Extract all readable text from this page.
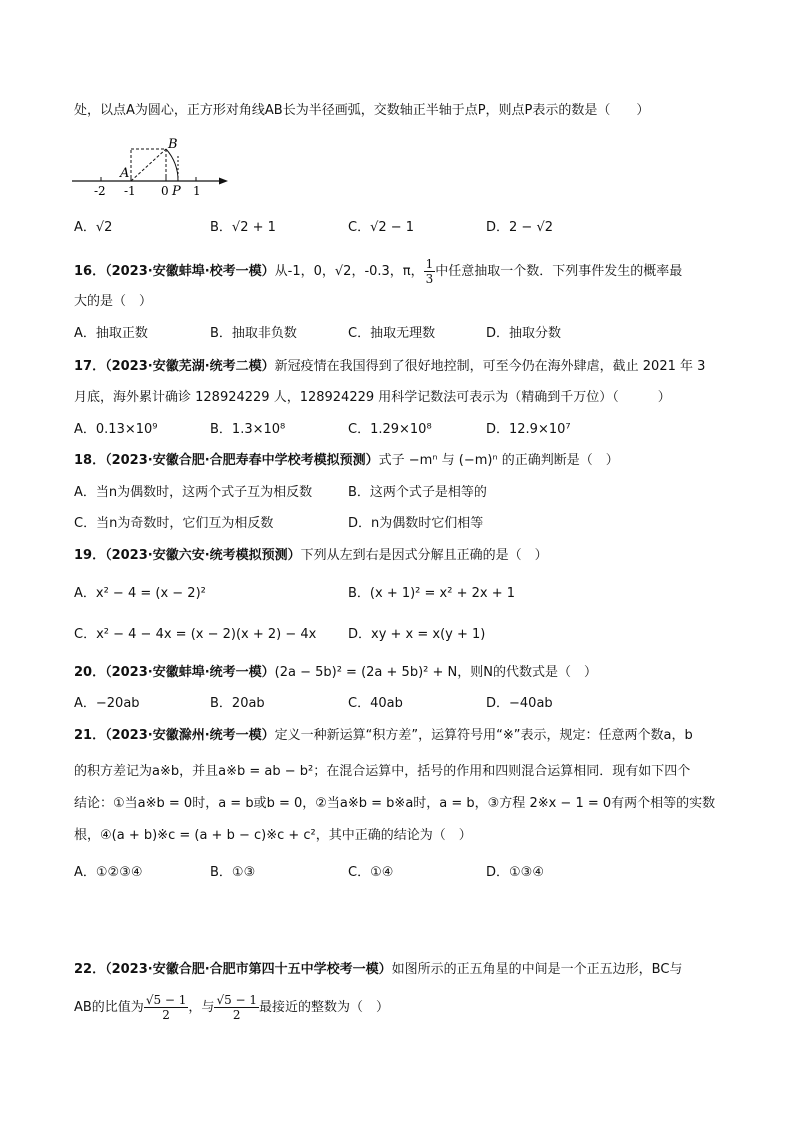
处，以点A为圆心，正方形对角线AB长为半径画弧，交数轴正半轴于点P，则点P表示的数是（　　）
B
A
-2 -1 0 P 1
A．√2	B．√2 + 1	C．√2 − 1	D．2 − √2
16．（2023·安徽蚌埠·校考一模）从-1，0，√2，-0.3，π， $\frac{1}{3}$ 中任意抽取一个数．下列事件发生的概率最
大的是（　）
A．抽取正数	B．抽取非负数	C．抽取无理数	D．抽取分数
17．（2023·安徽芜湖·统考二模）新冠疫情在我国得到了很好地控制，可至今仍在海外肆虐，截止 2021 年 3
月底，海外累计确诊 128924229 人，128924229 用科学记数法可表示为（精确到千万位）（　　　）
A．0.13×10⁹	B．1.3×10⁸	C．1.29×10⁸	D．12.9×10⁷
18．（2023·安徽合肥·合肥寿春中学校考模拟预测）式子 −mⁿ 与 (−m)ⁿ 的正确判断是（　）
A．当n为偶数时，这两个式子互为相反数	B．这两个式子是相等的
C．当n为奇数时，它们互为相反数	D．n为偶数时它们相等
19．（2023·安徽六安·统考模拟预测）下列从左到右是因式分解且正确的是（　）
A．x² − 4 = (x − 2)²	B．(x + 1)² = x² + 2x + 1
C．x² − 4 − 4x = (x − 2)(x + 2) − 4x D．xy + x = x(y + 1)
20．（2023·安徽蚌埠·统考一模）(2a − 5b)² = (2a + 5b)² + N，则N的代数式是（　）
A．−20ab	B．20ab	C．40ab	D．−40ab
21．（2023·安徽滁州·统考一模）定义一种新运算“积方差”，运算符号用“※”表示，规定：任意两个数a，b
的积方差记为a※b，并且a※b = ab − b²；在混合运算中，括号的作用和四则混合运算相同．现有如下四个
结论：①当a※b = 0时，a = b或b = 0，②当a※b = b※a时，a = b，③方程 2※x − 1 = 0有两个相等的实数
根，④(a + b)※c = (a + b − c)※c + c²，其中正确的结论为（　）
A．①②③④	B．①③	C．①④	D．①③④
22．（2023·安徽合肥·合肥市第四十五中学校考一模）如图所示的正五角星的中间是一个正五边形，BC与
AB的比值为 $\frac{√5 - 1}{2}$ ，与 $\frac{√5 - 1}{2}$ 最接近的整数为（　）
